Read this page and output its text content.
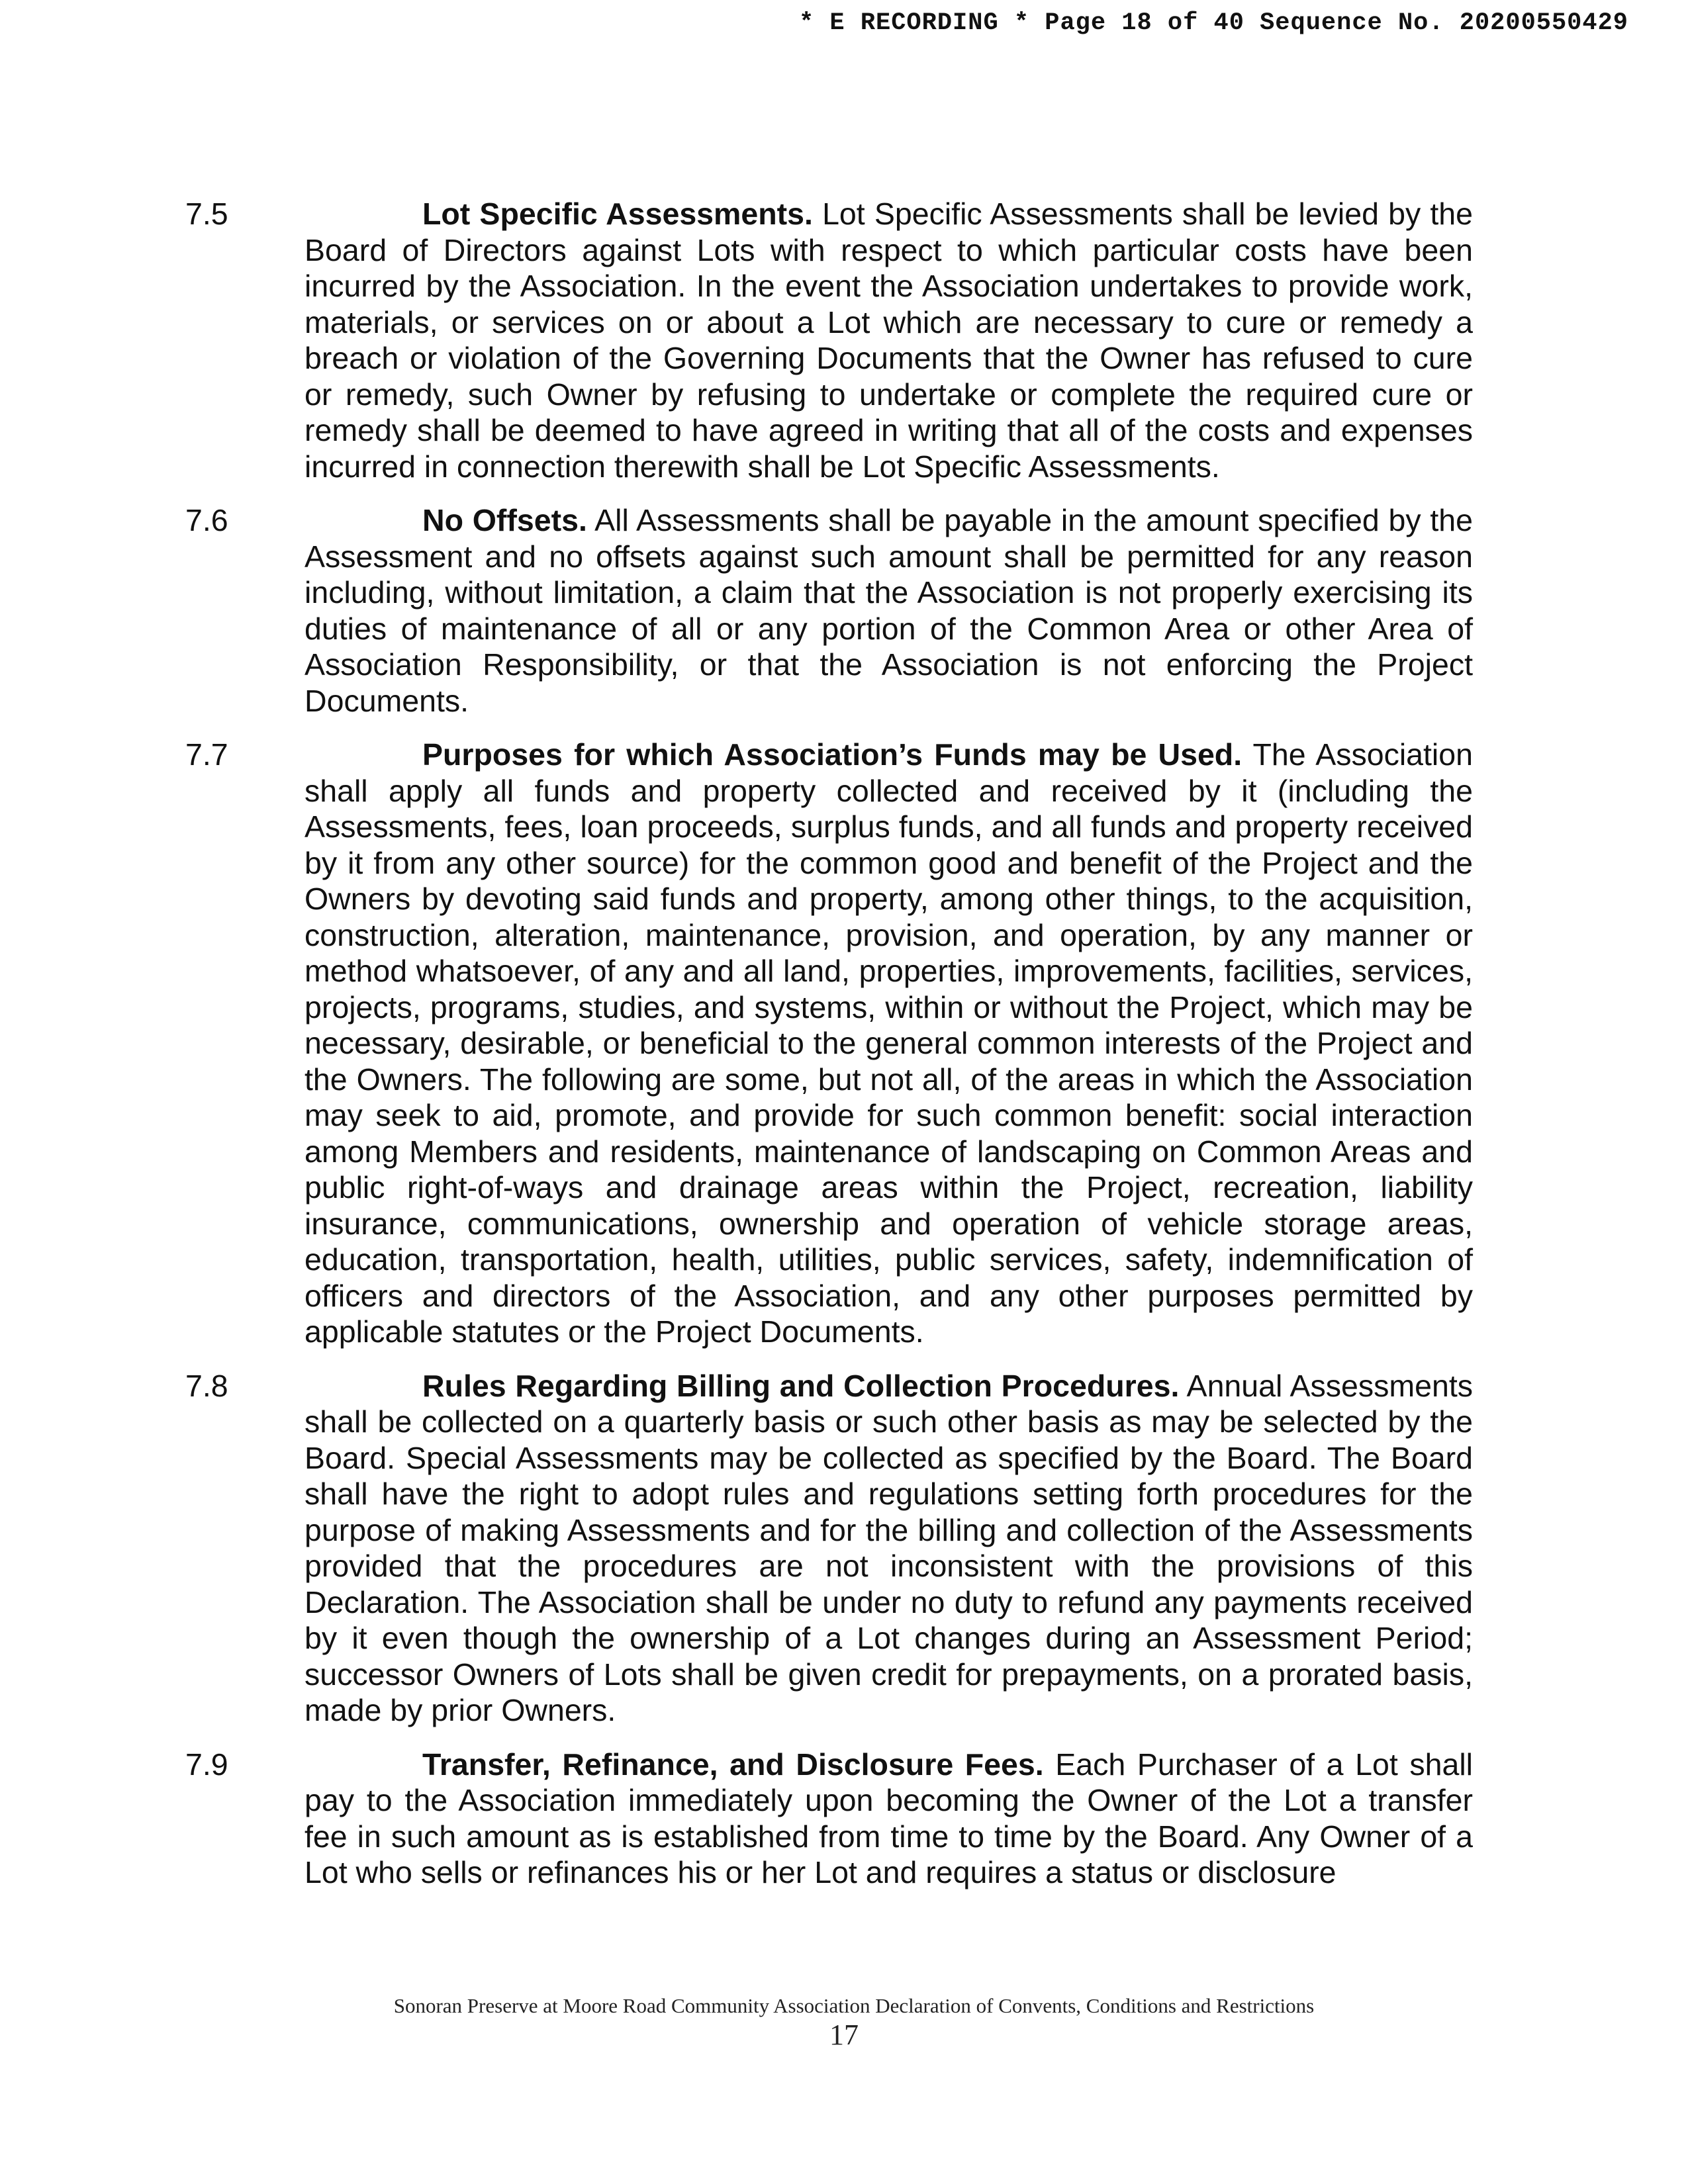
* E RECORDING * Page 18 of 40 Sequence No. 20200550429
7.5	Lot Specific Assessments. Lot Specific Assessments shall be levied by the Board of Directors against Lots with respect to which particular costs have been incurred by the Association. In the event the Association undertakes to provide work, materials, or services on or about a Lot which are necessary to cure or remedy a breach or violation of the Governing Documents that the Owner has refused to cure or remedy, such Owner by refusing to undertake or complete the required cure or remedy shall be deemed to have agreed in writing that all of the costs and expenses incurred in connection therewith shall be Lot Specific Assessments.
7.6	No Offsets. All Assessments shall be payable in the amount specified by the Assessment and no offsets against such amount shall be permitted for any reason including, without limitation, a claim that the Association is not properly exercising its duties of maintenance of all or any portion of the Common Area or other Area of Association Responsibility, or that the Association is not enforcing the Project Documents.
7.7	Purposes for which Association’s Funds may be Used. The Association shall apply all funds and property collected and received by it (including the Assessments, fees, loan proceeds, surplus funds, and all funds and property received by it from any other source) for the common good and benefit of the Project and the Owners by devoting said funds and property, among other things, to the acquisition, construction, alteration, maintenance, provision, and operation, by any manner or method whatsoever, of any and all land, properties, improvements, facilities, services, projects, programs, studies, and systems, within or without the Project, which may be necessary, desirable, or beneficial to the general common interests of the Project and the Owners. The following are some, but not all, of the areas in which the Association may seek to aid, promote, and provide for such common benefit: social interaction among Members and residents, maintenance of landscaping on Common Areas and public right-of-ways and drainage areas within the Project, recreation, liability insurance, communications, ownership and operation of vehicle storage areas, education, transportation, health, utilities, public services, safety, indemnification of officers and directors of the Association, and any other purposes permitted by applicable statutes or the Project Documents.
7.8	Rules Regarding Billing and Collection Procedures. Annual Assessments shall be collected on a quarterly basis or such other basis as may be selected by the Board. Special Assessments may be collected as specified by the Board. The Board shall have the right to adopt rules and regulations setting forth procedures for the purpose of making Assessments and for the billing and collection of the Assessments provided that the procedures are not inconsistent with the provisions of this Declaration. The Association shall be under no duty to refund any payments received by it even though the ownership of a Lot changes during an Assessment Period; successor Owners of Lots shall be given credit for prepayments, on a prorated basis, made by prior Owners.
7.9	Transfer, Refinance, and Disclosure Fees. Each Purchaser of a Lot shall pay to the Association immediately upon becoming the Owner of the Lot a transfer fee in such amount as is established from time to time by the Board. Any Owner of a Lot who sells or refinances his or her Lot and requires a status or disclosure
Sonoran Preserve at Moore Road Community Association Declaration of Convents, Conditions and Restrictions
17
